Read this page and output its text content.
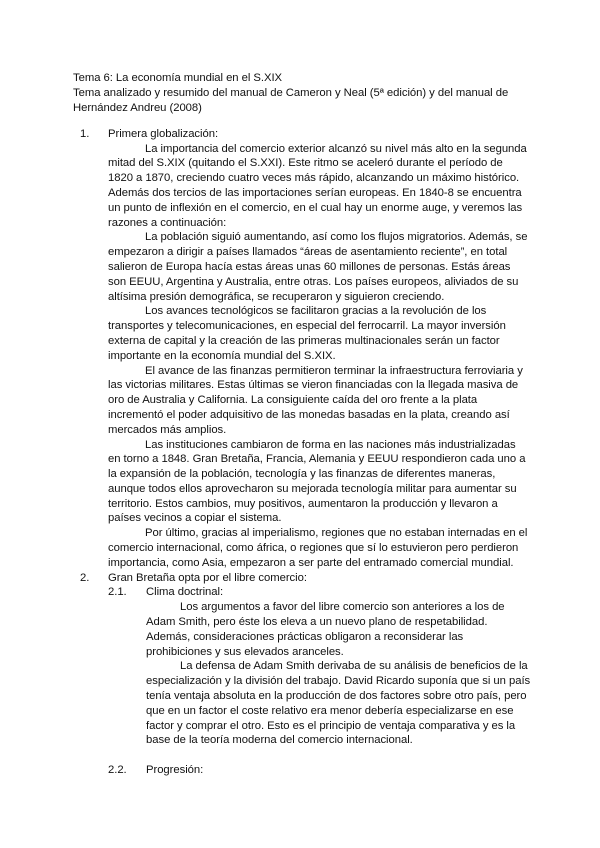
Tema 6: La economía mundial en el S.XIX
Tema analizado y resumido del manual de Cameron y Neal (5ª edición) y del manual de
Hernández Andreu (2008)
1. Primera globalización:
La importancia del comercio exterior alcanzó su nivel más alto en la segunda
mitad del S.XIX (quitando el S.XXI). Este ritmo se aceleró durante el período de
1820 a 1870, creciendo cuatro veces más rápido, alcanzando un máximo histórico.
Además dos tercios de las importaciones serían europeas. En 1840-8 se encuentra
un punto de inflexión en el comercio, en el cual hay un enorme auge, y veremos las
razones a continuación:
La población siguió aumentando, así como los flujos migratorios. Además, se
empezaron a dirigir a países llamados “áreas de asentamiento reciente”, en total
salieron de Europa hacía estas áreas unas 60 millones de personas. Estás áreas
son EEUU, Argentina y Australia, entre otras. Los países europeos, aliviados de su
altísima presión demográfica, se recuperaron y siguieron creciendo.
Los avances tecnológicos se facilitaron gracias a la revolución de los
transportes y telecomunicaciones, en especial del ferrocarril. La mayor inversión
externa de capital y la creación de las primeras multinacionales serán un factor
importante en la economía mundial del S.XIX.
El avance de las finanzas permitieron terminar la infraestructura ferroviaria y
las victorias militares. Estas últimas se vieron financiadas con la llegada masiva de
oro de Australia y California. La consiguiente caída del oro frente a la plata
incrementó el poder adquisitivo de las monedas basadas en la plata, creando así
mercados más amplios.
Las instituciones cambiaron de forma en las naciones más industrializadas
en torno a 1848. Gran Bretaña, Francia, Alemania y EEUU respondieron cada uno a
la expansión de la población, tecnología y las finanzas de diferentes maneras,
aunque todos ellos aprovecharon su mejorada tecnología militar para aumentar su
territorio. Estos cambios, muy positivos, aumentaron la producción y llevaron a
países vecinos a copiar el sistema.
Por último, gracias al imperialismo, regiones que no estaban internadas en el
comercio internacional, como áfrica, o regiones que sí lo estuvieron pero perdieron
importancia, como Asia, empezaron a ser parte del entramado comercial mundial.
2. Gran Bretaña opta por el libre comercio:
2.1. Clima doctrinal:
Los argumentos a favor del libre comercio son anteriores a los de
Adam Smith, pero éste los eleva a un nuevo plano de respetabilidad.
Además, consideraciones prácticas obligaron a reconsiderar las
prohibiciones y sus elevados aranceles.
La defensa de Adam Smith derivaba de su análisis de beneficios de la
especialización y la división del trabajo. David Ricardo suponía que si un país
tenía ventaja absoluta en la producción de dos factores sobre otro país, pero
que en un factor el coste relativo era menor debería especializarse en ese
factor y comprar el otro. Esto es el principio de ventaja comparativa y es la
base de la teoría moderna del comercio internacional.
2.2. Progresión:
